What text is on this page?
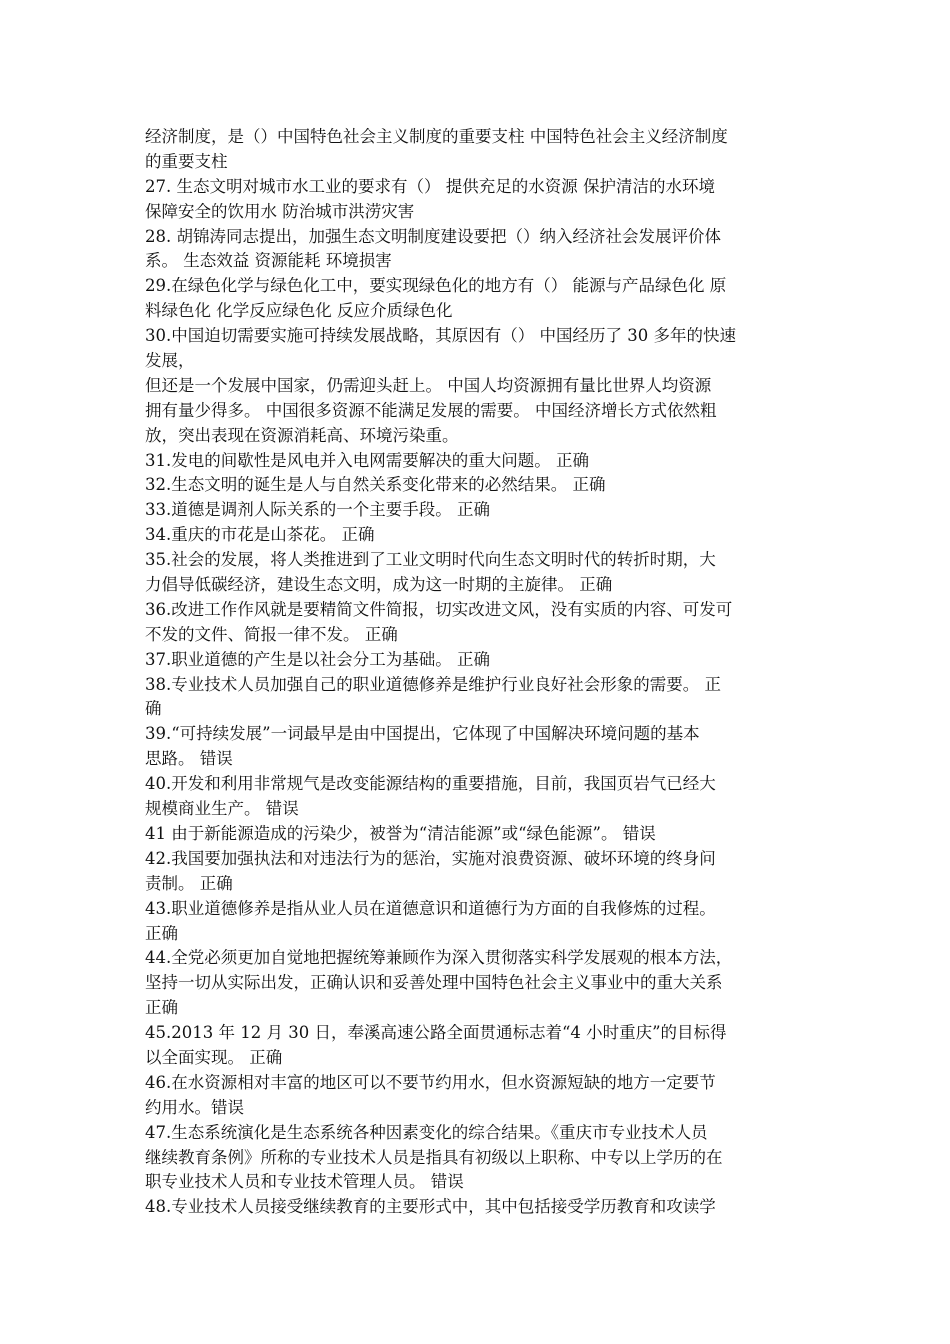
经济制度，是（）中国特色社会主义制度的重要支柱 中国特色社会主义经济制度
的重要支柱
27. 生态文明对城市水工业的要求有（） 提供充足的水资源 保护清洁的水环境
保障安全的饮用水 防治城市洪涝灾害
28. 胡锦涛同志提出，加强生态文明制度建设要把（）纳入经济社会发展评价体
系。 生态效益 资源能耗 环境损害
29.在绿色化学与绿色化工中，要实现绿色化的地方有（） 能源与产品绿色化 原
料绿色化 化学反应绿色化 反应介质绿色化
30.中国迫切需要实施可持续发展战略，其原因有（） 中国经历了 30 多年的快速
发展，
但还是一个发展中国家，仍需迎头赶上。 中国人均资源拥有量比世界人均资源
拥有量少得多。 中国很多资源不能满足发展的需要。 中国经济增长方式依然粗
放，突出表现在资源消耗高、环境污染重。
31.发电的间歇性是风电并入电网需要解决的重大问题。 正确
32.生态文明的诞生是人与自然关系变化带来的必然结果。 正确
33.道德是调剂人际关系的一个主要手段。 正确
34.重庆的市花是山茶花。 正确
35.社会的发展，将人类推进到了工业文明时代向生态文明时代的转折时期，大
力倡导低碳经济，建设生态文明，成为这一时期的主旋律。 正确
36.改进工作作风就是要精简文件简报，切实改进文风，没有实质的内容、可发可
不发的文件、简报一律不发。 正确
37.职业道德的产生是以社会分工为基础。 正确
38.专业技术人员加强自己的职业道德修养是维护行业良好社会形象的需要。 正
确
39.“可持续发展”一词最早是由中国提出，它体现了中国解决环境问题的基本
思路。 错误
40.开发和利用非常规气是改变能源结构的重要措施，目前，我国页岩气已经大
规模商业生产。 错误
41 由于新能源造成的污染少，被誉为“清洁能源”或“绿色能源”。 错误
42.我国要加强执法和对违法行为的惩治，实施对浪费资源、破坏环境的终身问
责制。 正确
43.职业道德修养是指从业人员在道德意识和道德行为方面的自我修炼的过程。
正确
44.全党必须更加自觉地把握统筹兼顾作为深入贯彻落实科学发展观的根本方法，
坚持一切从实际出发，正确认识和妥善处理中国特色社会主义事业中的重大关系
正确
45.2013 年 12 月 30 日，奉溪高速公路全面贯通标志着“4 小时重庆”的目标得
以全面实现。 正确
46.在水资源相对丰富的地区可以不要节约用水，但水资源短缺的地方一定要节
约用水。错误
47.生态系统演化是生态系统各种因素变化的综合结果。《重庆市专业技术人员
继续教育条例》所称的专业技术人员是指具有初级以上职称、中专以上学历的在
职专业技术人员和专业技术管理人员。 错误
48.专业技术人员接受继续教育的主要形式中，其中包括接受学历教育和攻读学
